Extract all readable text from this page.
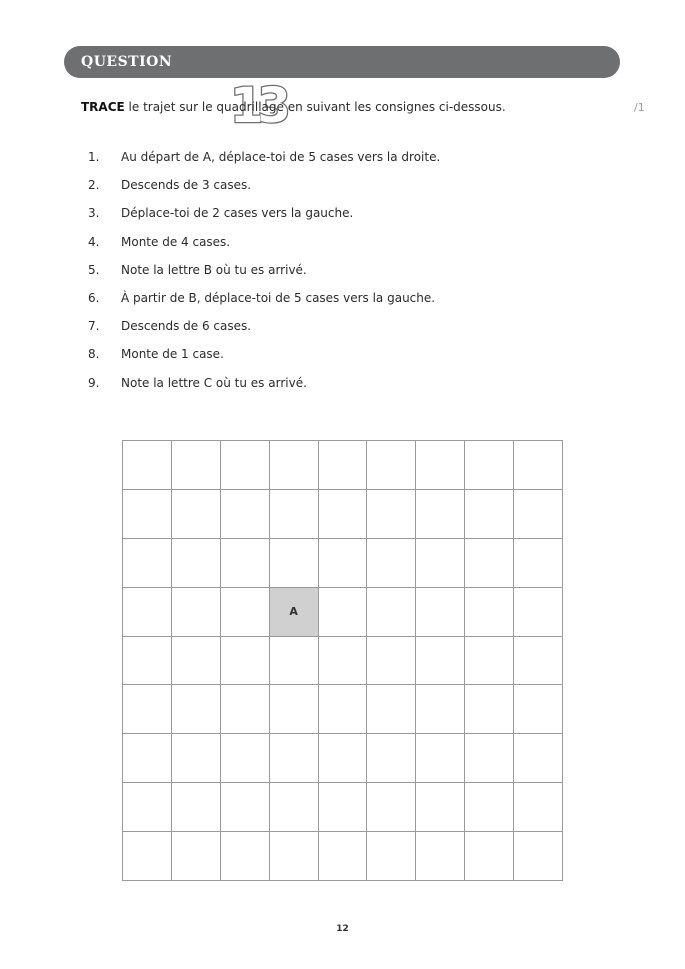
QUESTION
13
TRACE le trajet sur le quadrillage en suivant les consignes ci-dessous.	/1
1. Au départ de A, déplace-toi de 5 cases vers la droite.
2. Descends de 3 cases.
3. Déplace-toi de 2 cases vers la gauche.
4. Monte de 4 cases.
5. Note la lettre B où tu es arrivé.
6. À partir de B, déplace-toi de 5 cases vers la gauche.
7. Descends de 6 cases.
8. Monte de 1 case.
9. Note la lettre C où tu es arrivé.
A
12
